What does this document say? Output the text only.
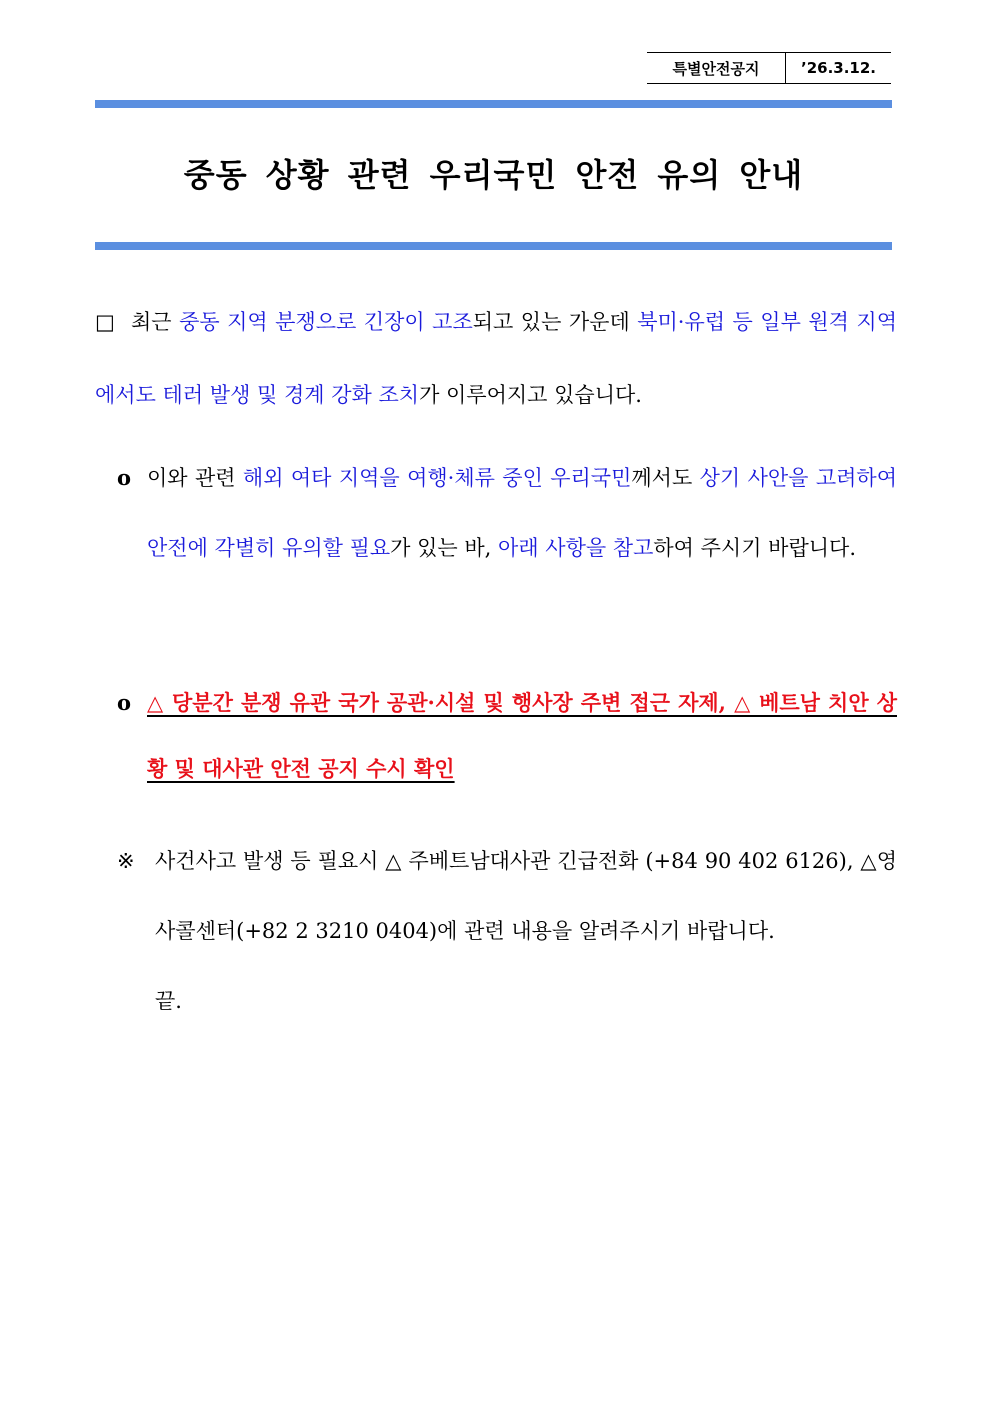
특별안전공지	’26.3.12.
중동 상황 관련 우리국민 안전 유의 안내
□ 최근 중동 지역 분쟁으로 긴장이 고조되고 있는 가운데 북미·유럽 등 일부 원격 지역에서도 테러 발생 및 경계 강화 조치가 이루어지고 있습니다.
o 이와 관련 해외 여타 지역을 여행·체류 중인 우리국민께서도 상기 사안을 고려하여 안전에 각별히 유의할 필요가 있는 바, 아래 사항을 참고하여 주시기 바랍니다.
o △ 당분간 분쟁 유관 국가 공관·시설 및 행사장 주변 접근 자제, △ 베트남 치안 상황 및 대사관 안전 공지 수시 확인
※ 사건사고 발생 등 필요시 △ 주베트남대사관 긴급전화 (+84 90 402 6126), △영사콜센터(+82 2 3210 0404)에 관련 내용을 알려주시기 바랍니다.
끝.
